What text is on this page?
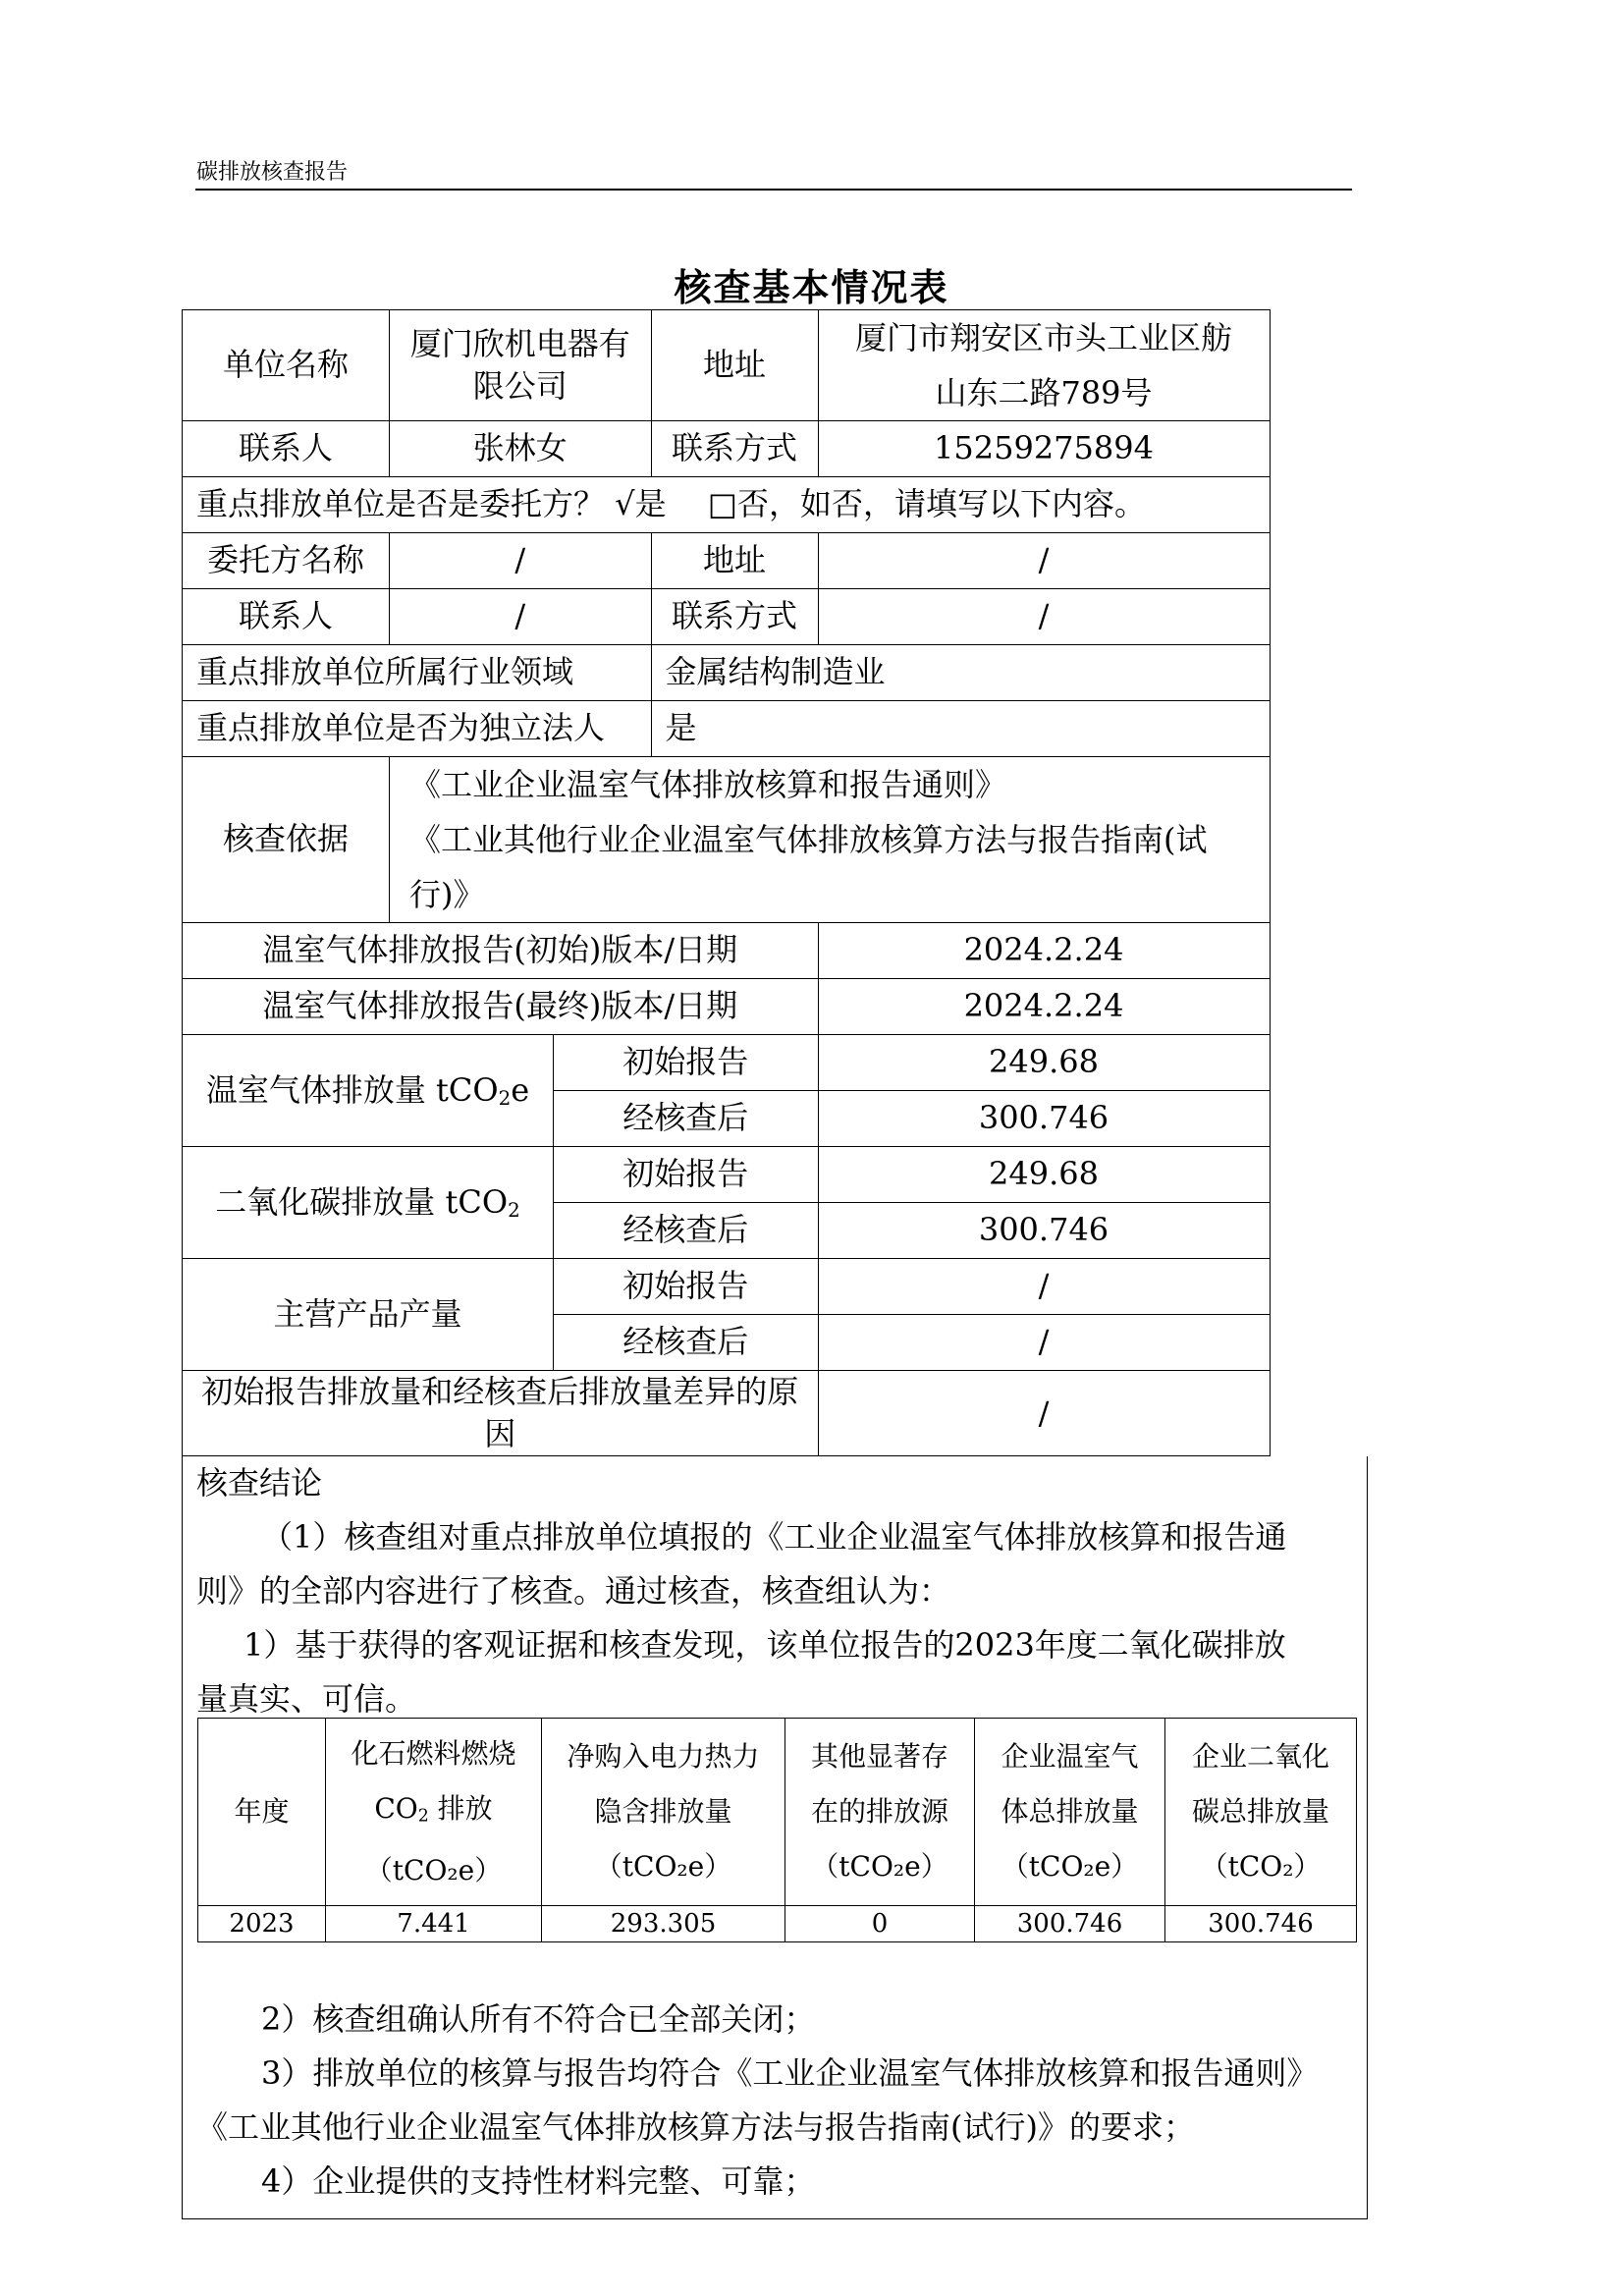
碳排放核查报告
核查基本情况表
单位名称	厦门欣机电器有限公司		地址	厦门市翔安区市头工业区舫
山东二路789号
联系人	张林女		联系方式	15259275894
重点排放单位是否是委托方？ √是　 □否，如否，请填写以下内容。				
委托方名称	/		地址	/
联系人	/		联系方式	/
重点排放单位所属行业领域			金属结构制造业	
重点排放单位是否为独立法人			是	
核查依据	《工业企业温室气体排放核算和报告通则》
《工业其他行业企业温室气体排放核算方法与报告指南(试行)》			
温室气体排放报告(初始)版本/日期				2024.2.24
温室气体排放报告(最终)版本/日期				2024.2.24
温室气体排放量 tCO$_2$e		初始报告		249.68
		经核查后		300.746
二氧化碳排放量 tCO$_2$		初始报告		249.68
		经核查后		300.746
主营产品产量		初始报告		/
		经核查后		/
初始报告排放量和经核查后排放量差异的原因				/

核查结论

（1）核查组对重点排放单位填报的《工业企业温室气体排放核算和报告通
则》的全部内容进行了核查。通过核查，核查组认为：

1）基于获得的客观证据和核查发现，该单位报告的2023年度二氧化碳排放
量真实、可信。

年度	化石燃料燃烧
$CO_2$ 排放
（tCO₂e）	净购入电力热力
隐含排放量
（tCO₂e）	其他显著存
在的排放源
（tCO₂e）	企业温室气
体总排放量
（tCO₂e）	企业二氧化
碳总排放量
（tCO₂）
2023	7.441	293.305	0	300.746	300.746

2）核查组确认所有不符合已全部关闭；

3）排放单位的核算与报告均符合《工业企业温室气体排放核算和报告通则》
《工业其他行业企业温室气体排放核算方法与报告指南(试行)》的要求；

4）企业提供的支持性材料完整、可靠；
